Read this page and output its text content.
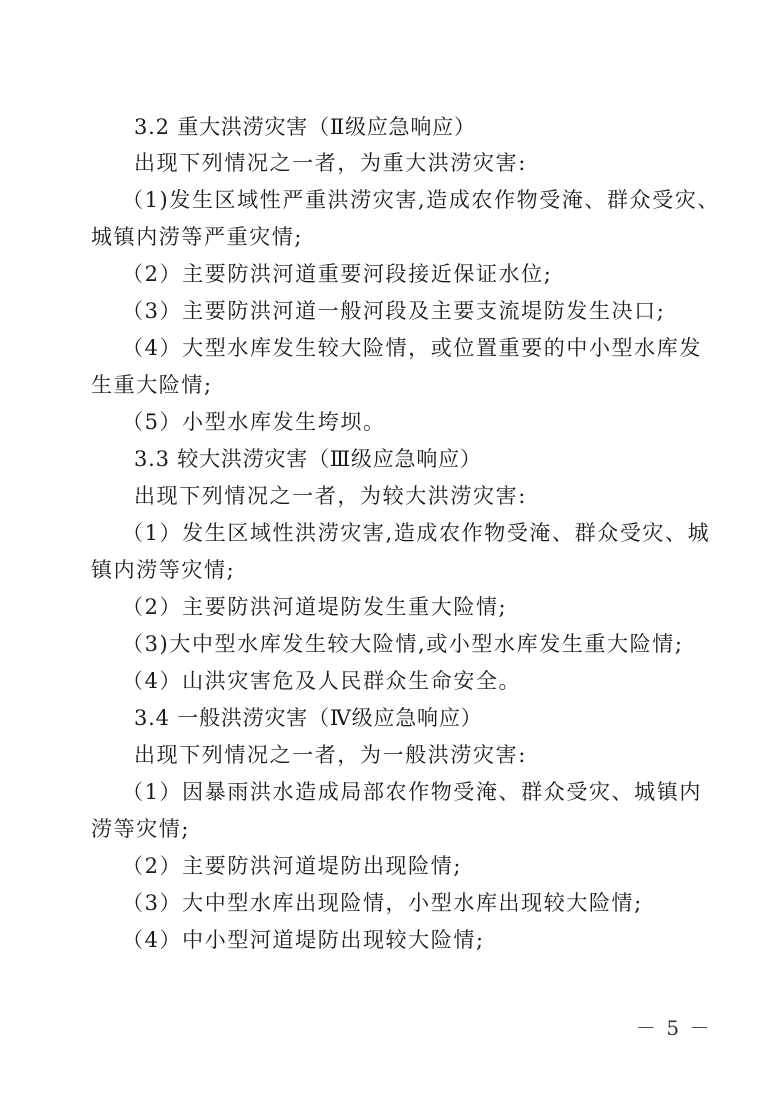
3.2 重大洪涝灾害（Ⅱ级应急响应）
出现下列情况之一者，为重大洪涝灾害:
（1)发生区域性严重洪涝灾害,造成农作物受淹、群众受灾、
城镇内涝等严重灾情;
（2）主要防洪河道重要河段接近保证水位;
（3）主要防洪河道一般河段及主要支流堤防发生决口;
（4）大型水库发生较大险情，或位置重要的中小型水库发
生重大险情;
（5）小型水库发生垮坝。
3.3 较大洪涝灾害（Ⅲ级应急响应）
出现下列情况之一者，为较大洪涝灾害:
（1）发生区域性洪涝灾害,造成农作物受淹、群众受灾、城
镇内涝等灾情;
（2）主要防洪河道堤防发生重大险情;
（3)大中型水库发生较大险情,或小型水库发生重大险情;
（4）山洪灾害危及人民群众生命安全。
3.4 一般洪涝灾害（Ⅳ级应急响应）
出现下列情况之一者，为一般洪涝灾害:
（1）因暴雨洪水造成局部农作物受淹、群众受灾、城镇内
涝等灾情;
（2）主要防洪河道堤防出现险情;
（3）大中型水库出现险情，小型水库出现较大险情;
（4）中小型河道堤防出现较大险情;
－ 5 －
